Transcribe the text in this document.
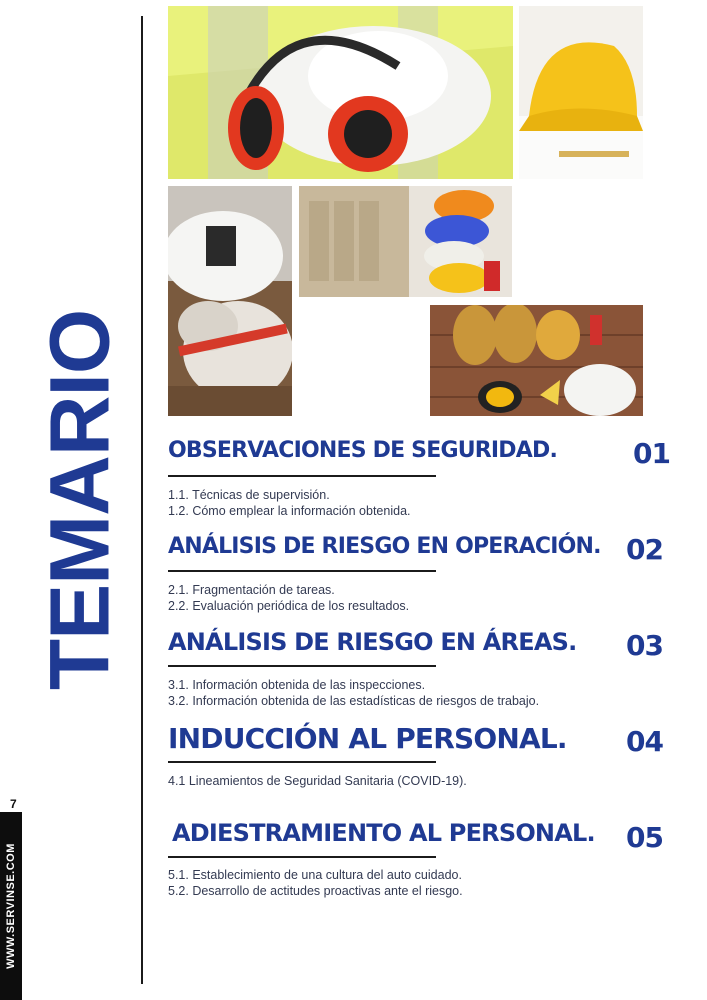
TEMARIO
7
WWW.SERVINSE.COM
OBSERVACIONES DE SEGURIDAD.	01
1.1. Técnicas de supervisión.
1.2. Cómo emplear la información obtenida.
ANÁLISIS DE RIESGO EN OPERACIÓN. 02
2.1. Fragmentación de tareas.
2.2. Evaluación periódica de los resultados.
ANÁLISIS DE RIESGO EN ÁREAS. 03
3.1. Información obtenida de las inspecciones.
3.2. Información obtenida de las estadísticas de riesgos de trabajo.
INDUCCIÓN AL PERSONAL. 04
4.1 Lineamientos de Seguridad Sanitaria (COVID-19).
ADIESTRAMIENTO AL PERSONAL. 05
5.1. Establecimiento de una cultura del auto cuidado.
5.2. Desarrollo de actitudes proactivas ante el riesgo.
